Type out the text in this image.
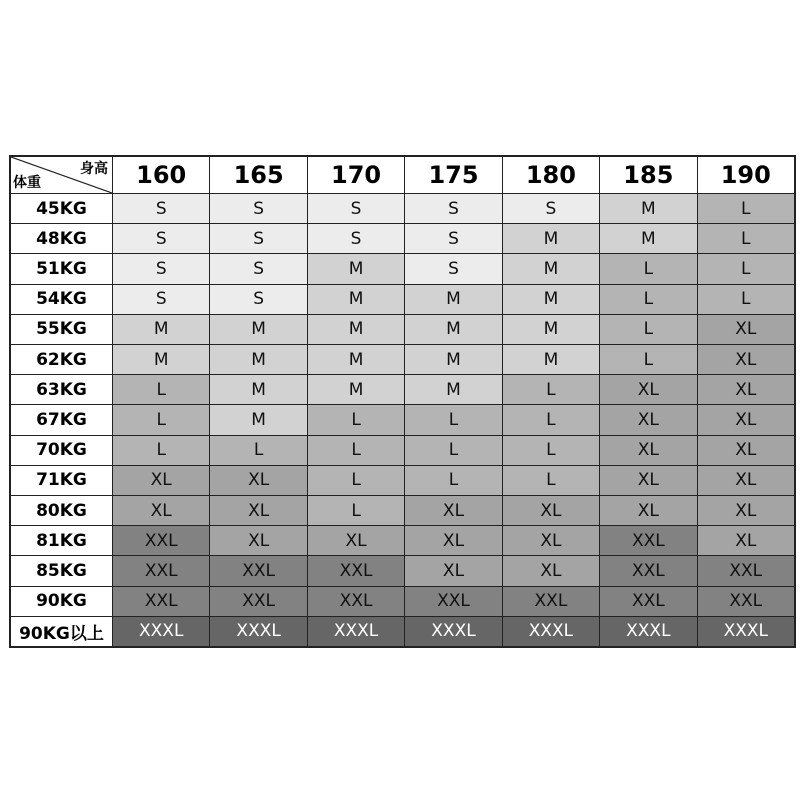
身高
体重	160	165	170	175	180	185	190
45KG	S	S	S	S	S	M	L
48KG	S	S	S	S	M	M	L
51KG	S	S	M	S	M	L	L
54KG	S	S	M	M	M	L	L
55KG	M	M	M	M	M	L	XL
62KG	M	M	M	M	M	L	XL
63KG	L	M	M	M	L	XL	XL
67KG	L	M	L	L	L	XL	XL
70KG	L	L	L	L	L	XL	XL
71KG	XL	XL	L	L	L	XL	XL
80KG	XL	XL	L	XL	XL	XL	XL
81KG	XXL	XL	XL	XL	XL	XXL	XL
85KG	XXL	XXL	XXL	XL	XL	XXL	XXL
90KG	XXL	XXL	XXL	XXL	XXL	XXL	XXL
90KG以上	XXXL	XXXL	XXXL	XXXL	XXXL	XXXL	XXXL
